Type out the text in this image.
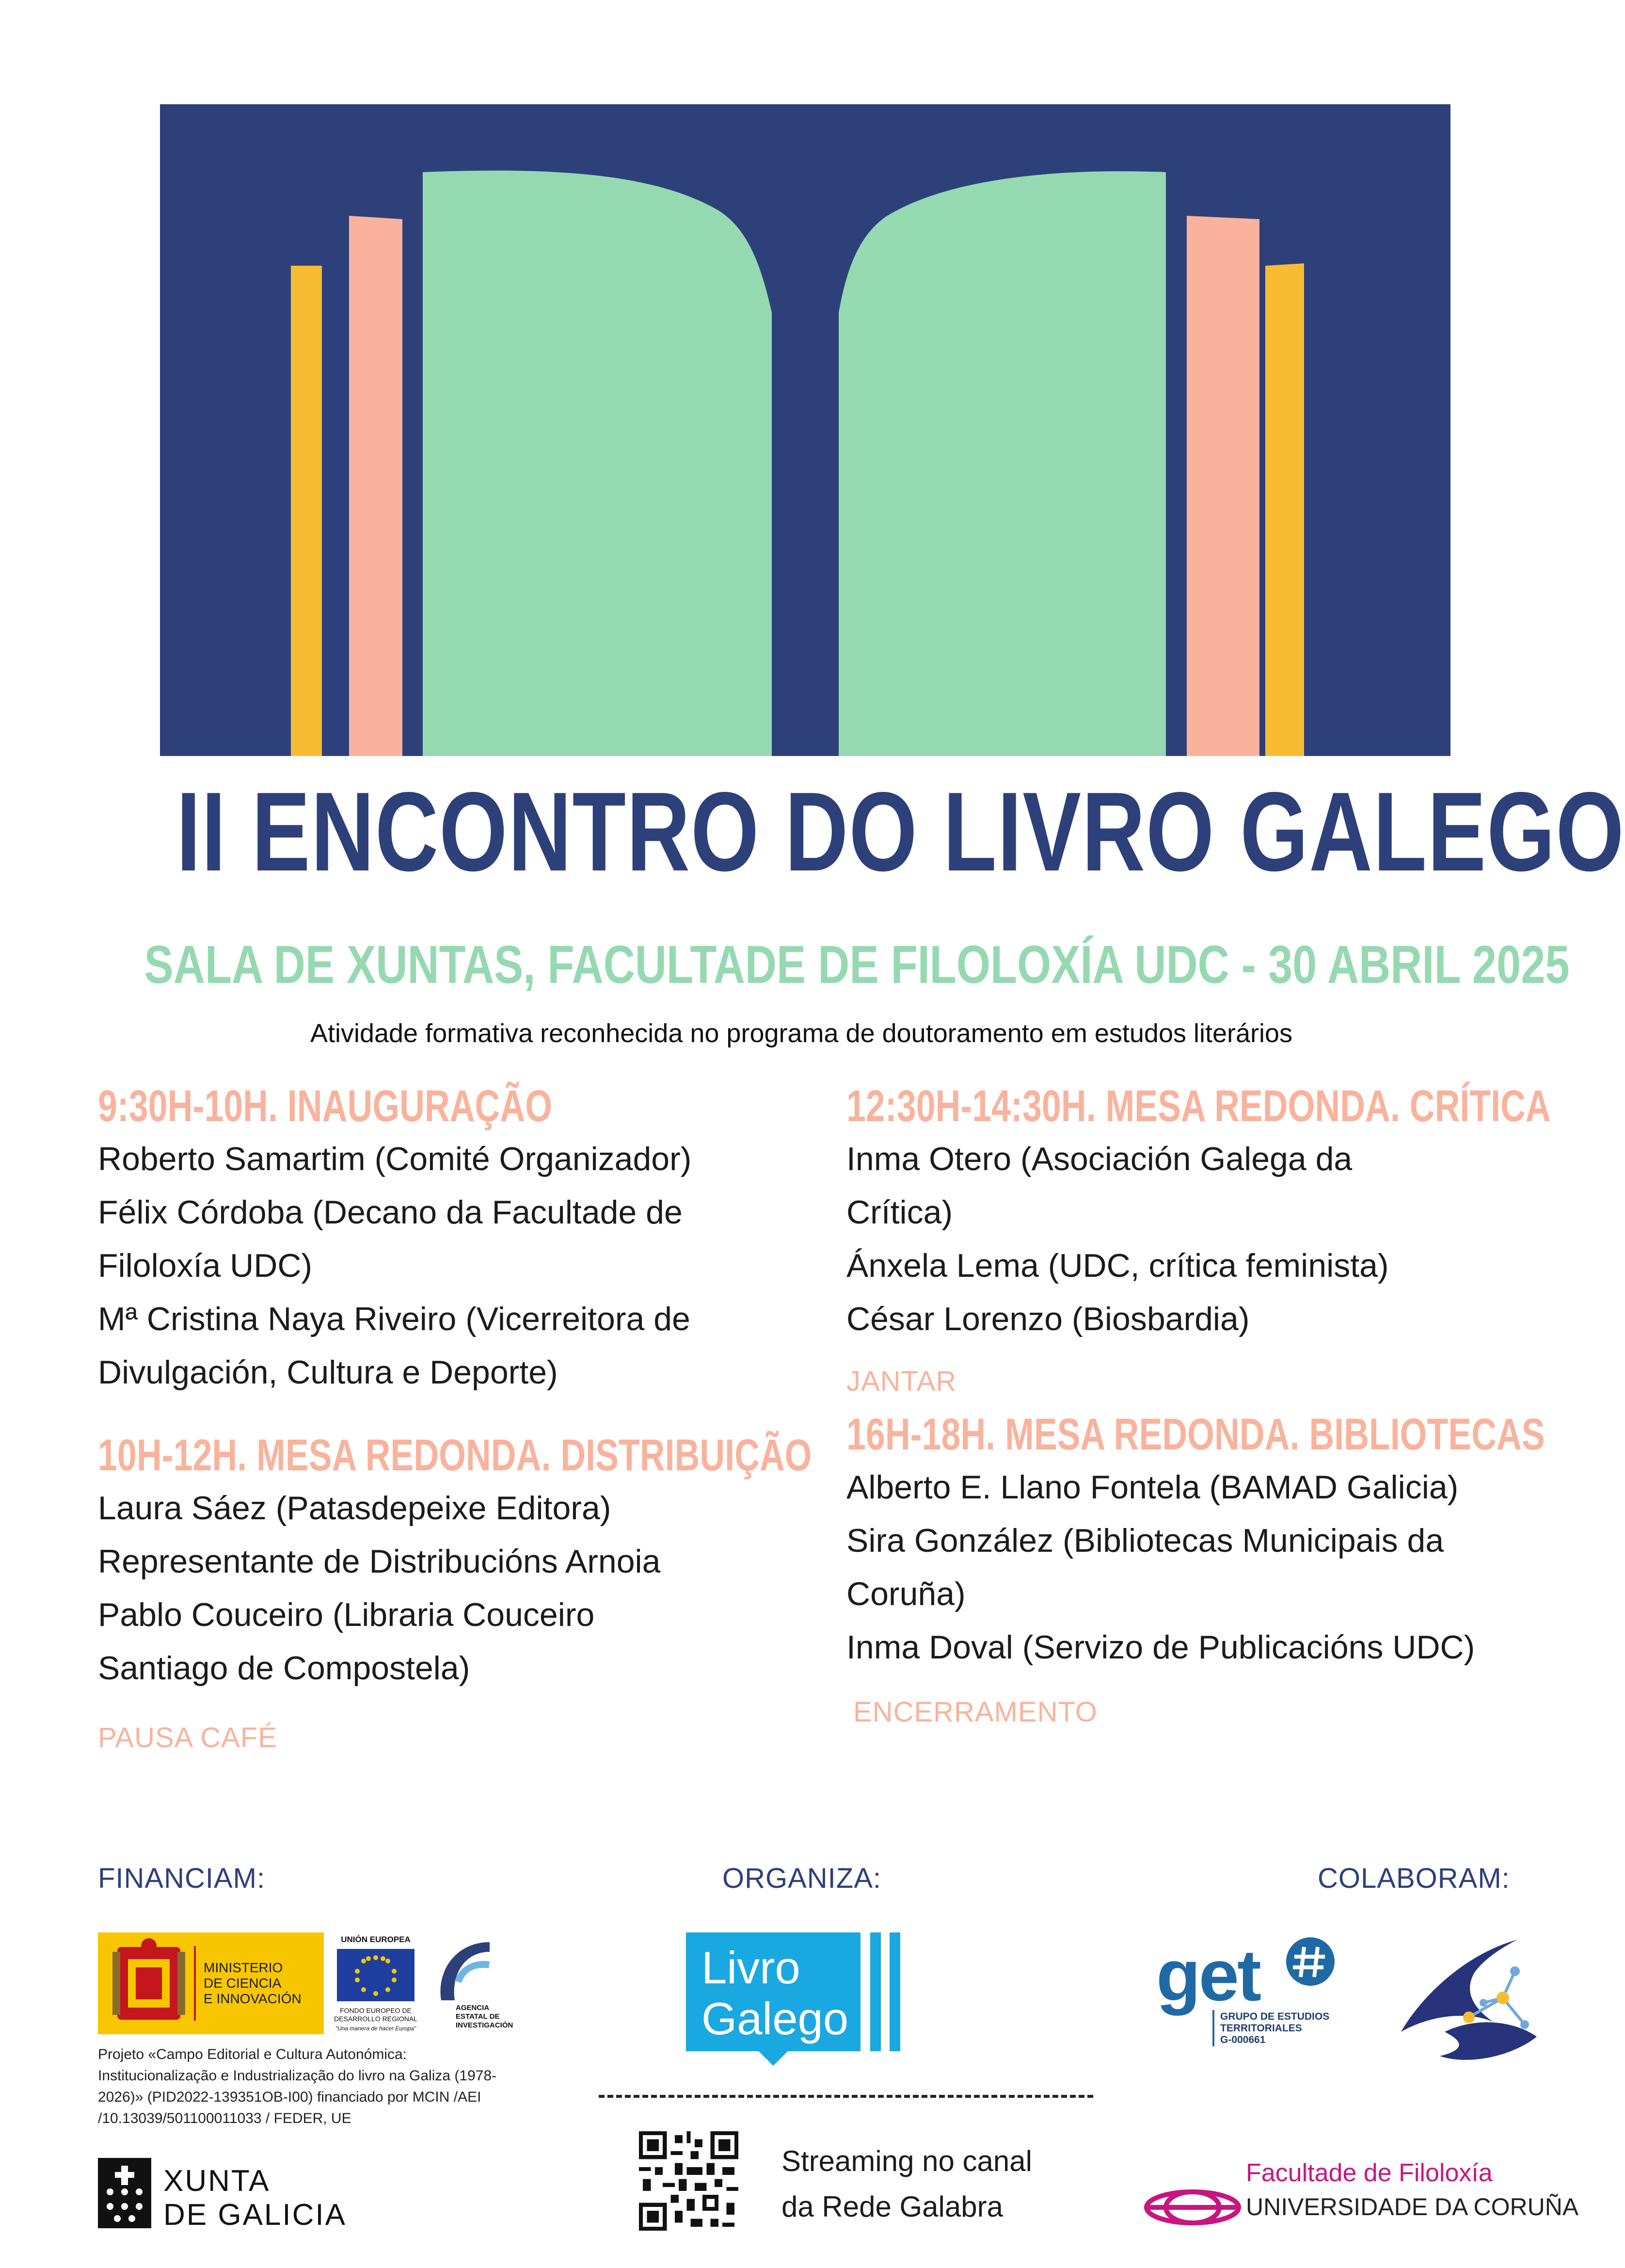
II ENCONTRO DO LIVRO GALEGO
SALA DE XUNTAS, FACULTADE DE FILOLOXÍA UDC - 30 ABRIL 2025
Atividade formativa reconhecida no programa de doutoramento em estudos literários
9:30H-10H. INAUGURAÇÃO
Roberto Samartim (Comité Organizador)
Félix Córdoba (Decano da Facultade de
Filoloxía UDC)
Mª Cristina Naya Riveiro (Vicerreitora de
Divulgación, Cultura e Deporte)
10H-12H. MESA REDONDA. DISTRIBUIÇÃO
Laura Sáez (Patasdepeixe Editora)
Representante de Distribucións Arnoia
Pablo Couceiro (Libraria Couceiro
Santiago de Compostela)
PAUSA CAFÉ
12:30H-14:30H. MESA REDONDA. CRÍTICA
Inma Otero (Asociación Galega da
Crítica)
Ánxela Lema (UDC, crítica feminista)
César Lorenzo (Biosbardia)
JANTAR
16H-18H. MESA REDONDA. BIBLIOTECAS
Alberto E. Llano Fontela (BAMAD Galicia)
Sira González (Bibliotecas Municipais da
Coruña)
Inma Doval (Servizo de Publicacións UDC)
ENCERRAMENTO
FINANCIAM:	ORGANIZA:	COLABORAM:
MINISTERIO
DE CIENCIA
E INNOVACIÓN
UNIÓN EUROPEA
FONDO EUROPEO DE
DESARROLLO REGIONAL
"Una manera de hacer Europa"
AGENCIA
ESTATAL DE
INVESTIGACIÓN
Projeto «Campo Editorial e Cultura Autonómica: Institucionalização e Industrialização do livro na Galiza (1978-2026)» (PID2022-139351OB-I00) financiado por MCIN /AEI /10.13039/501100011033 / FEDER, UE
XUNTA
DE GALICIA
Livro
Galego
Streaming no canal
da Rede Galabra
get
GRUPO DE ESTUDIOS
TERRITORIALES
G-000661
Facultade de Filoloxía
UNIVERSIDADE DA CORUÑA
